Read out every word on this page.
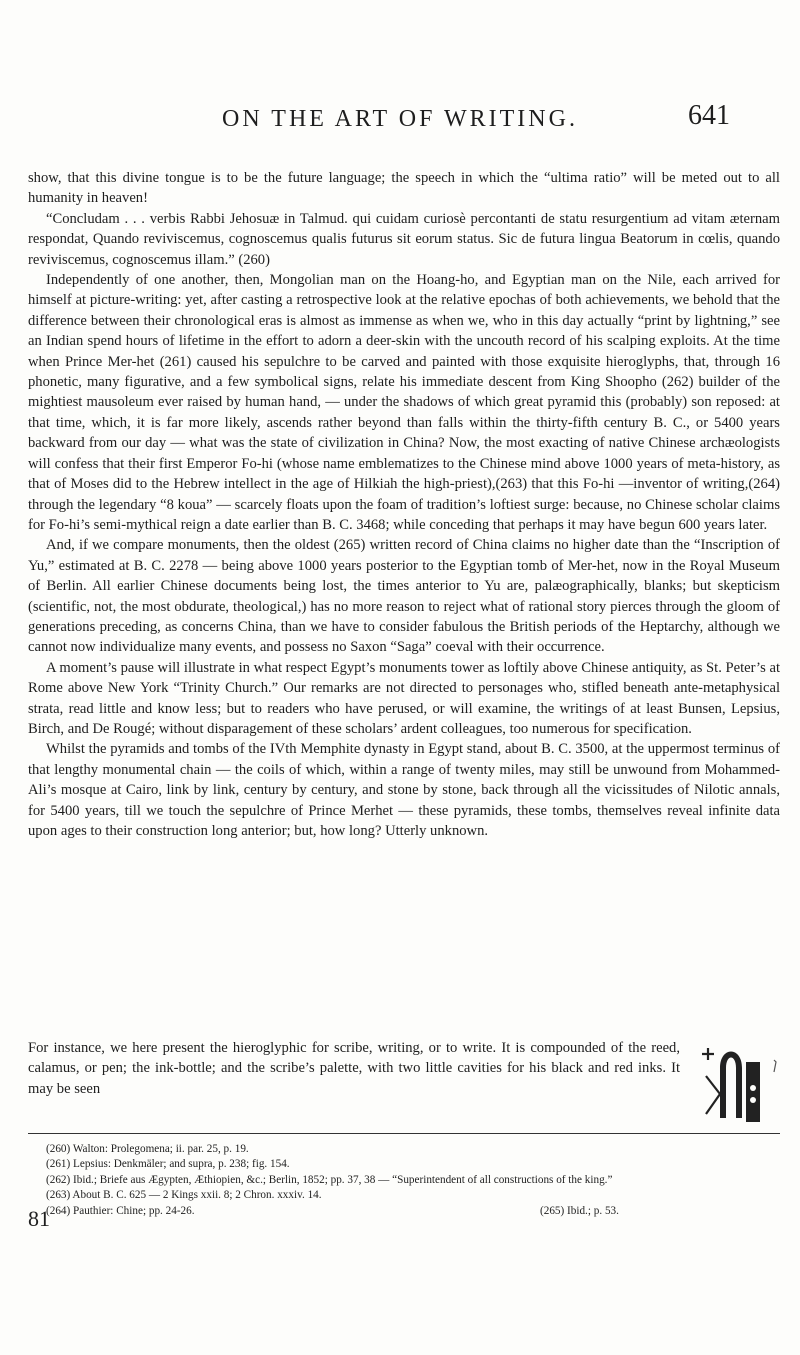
ON THE ART OF WRITING.	641

show, that this divine tongue is to be the future language; the speech in which the “ultima ratio” will be meted out to all humanity in heaven!

“Concludam . . . verbis Rabbi Jehosuæ in Talmud. qui cuidam curiosè percontanti de statu resurgentium ad vitam æternam respondat, Quando reviviscemus, cognoscemus qualis futurus sit eorum status. Sic de futura lingua Beatorum in cœlis, quando reviviscemus, cognoscemus illam.” (260)

Independently of one another, then, Mongolian man on the Hoang-ho, and Egyptian man on the Nile, each arrived for himself at picture-writing: yet, after casting a retrospective look at the relative epochas of both achievements, we behold that the difference between their chronological eras is almost as immense as when we, who in this day actually “print by lightning,” see an Indian spend hours of lifetime in the effort to adorn a deer-skin with the uncouth record of his scalping exploits. At the time when Prince Mer-het (261) caused his sepulchre to be carved and painted with those exquisite hieroglyphs, that, through 16 phonetic, many figurative, and a few symbolical signs, relate his immediate descent from King Shoopho (262) builder of the mightiest mausoleum ever raised by human hand, — under the shadows of which great pyramid this (probably) son reposed: at that time, which, it is far more likely, ascends rather beyond than falls within the thirty-fifth century B. C., or 5400 years backward from our day — what was the state of civilization in China? Now, the most exacting of native Chinese archæologists will confess that their first Emperor Fo-hi (whose name emblematizes to the Chinese mind above 1000 years of meta-history, as that of Moses did to the Hebrew intellect in the age of Hilkiah the high-priest),(263) that this Fo-hi —inventor of writing,(264) through the legendary “8 koua” — scarcely floats upon the foam of tradition’s loftiest surge: because, no Chinese scholar claims for Fo-hi’s semi-mythical reign a date earlier than B. C. 3468; while conceding that perhaps it may have begun 600 years later.

And, if we compare monuments, then the oldest (265) written record of China claims no higher date than the “Inscription of Yu,” estimated at B. C. 2278 — being above 1000 years posterior to the Egyptian tomb of Mer-het, now in the Royal Museum of Berlin. All earlier Chinese documents being lost, the times anterior to Yu are, palæographically, blanks; but skepticism (scientific, not, the most obdurate, theological,) has no more reason to reject what of rational story pierces through the gloom of generations preceding, as concerns China, than we have to consider fabulous the British periods of the Heptarchy, although we cannot now individualize many events, and possess no Saxon “Saga” coeval with their occurrence.

A moment’s pause will illustrate in what respect Egypt’s monuments tower as loftily above Chinese antiquity, as St. Peter’s at Rome above New York “Trinity Church.” Our remarks are not directed to personages who, stifled beneath ante-metaphysical strata, read little and know less; but to readers who have perused, or will examine, the writings of at least Bunsen, Lepsius, Birch, and De Rougé; without disparagement of these scholars’ ardent colleagues, too numerous for specification.

Whilst the pyramids and tombs of the IVth Memphite dynasty in Egypt stand, about B. C. 3500, at the uppermost terminus of that lengthy monumental chain — the coils of which, within a range of twenty miles, may still be unwound from Mohammed-Ali’s mosque at Cairo, link by link, century by century, and stone by stone, back through all the vicissitudes of Nilotic annals, for 5400 years, till we touch the sepulchre of Prince Merhet — these pyramids, these tombs, themselves reveal infinite data upon ages to their construction long anterior; but, how long? Utterly unknown.

For instance, we here present the hieroglyphic for scribe, writing, or to write. It is compounded of the reed, calamus, or pen; the ink-bottle; and the scribe’s palette, with two little cavities for his black and red inks. It may be seen

(260) Walton: Prolegomena; ii. par. 25, p. 19.

(261) Lepsius: Denkmäler; and supra, p. 238; fig. 154.

(262) Ibid.; Briefe aus Ægypten, Æthiopien, &c.; Berlin, 1852; pp. 37, 38 — “Superintendent of all constructions of the king.”

(263) About B. C. 625 — 2 Kings xxii. 8; 2 Chron. xxxiv. 14.

(264) Pauthier: Chine; pp. 24-26.	(265) Ibid.; p. 53.
81
